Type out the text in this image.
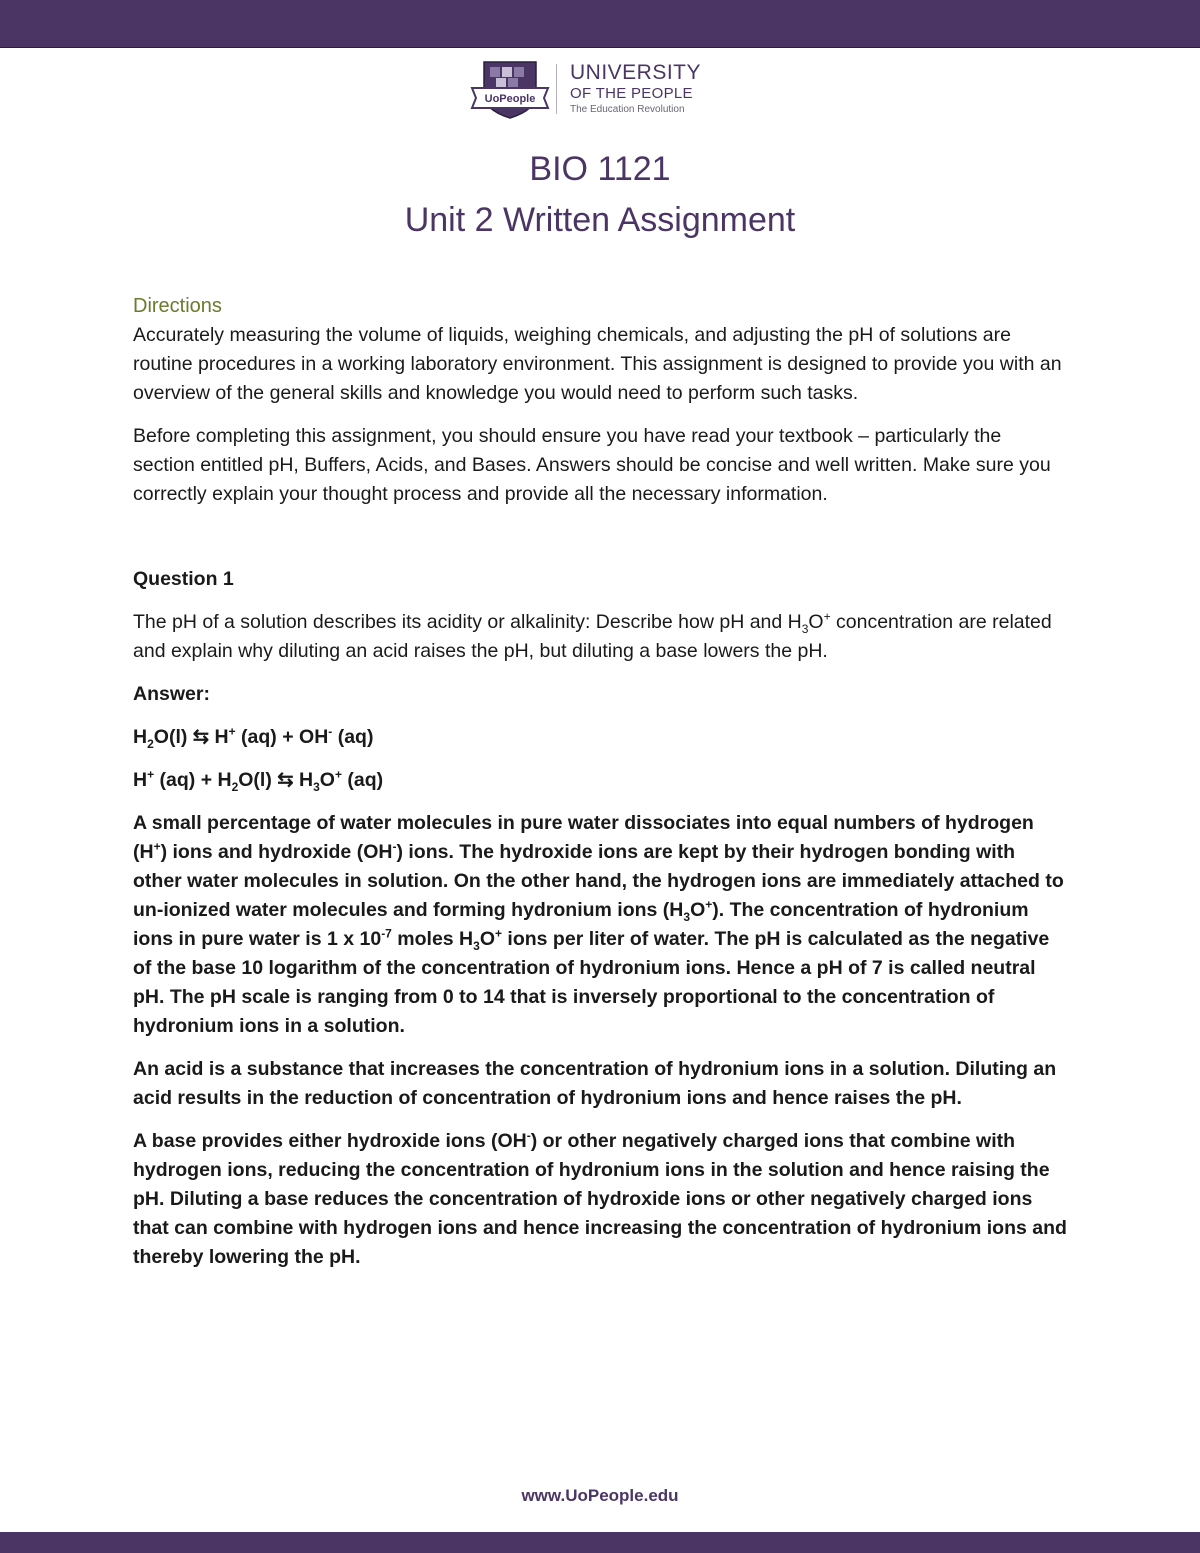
UoPeople
UNIVERSITY
OF THE PEOPLE
The Education Revolution
BIO 1121
Unit 2 Written Assignment
Directions

Accurately measuring the volume of liquids, weighing chemicals, and adjusting the pH of solutions are routine procedures in a working laboratory environment. This assignment is designed to provide you with an overview of the general skills and knowledge you would need to perform such tasks.

Before completing this assignment, you should ensure you have read your textbook – particularly the section entitled pH, Buffers, Acids, and Bases. Answers should be concise and well written. Make sure you correctly explain your thought process and provide all the necessary information.

Question 1

The pH of a solution describes its acidity or alkalinity: Describe how pH and $H_3O^+$ concentration are related and explain why diluting an acid raises the pH, but diluting a base lowers the pH.

Answer:

$H_2O(l)$ ⇆ H+ (aq) + OH- (aq)

H+ $(aq) + H_2O(l)$ ⇆ $H_3O^+$ (aq)

A small percentage of water molecules in pure water dissociates into equal numbers of hydrogen (H+) ions and hydroxide (OH-) ions. The hydroxide ions are kept by their hydrogen bonding with other water molecules in solution. On the other hand, the hydrogen ions are immediately attached to un-ionized water molecules and forming hydronium ions $(H_3O^+)$. The concentration of hydronium ions in pure water is 1 x $10^{-7}$ moles $H_3O^+$ ions per liter of water. The pH is calculated as the negative of the base 10 logarithm of the concentration of hydronium ions. Hence a pH of 7 is called neutral pH. The pH scale is ranging from 0 to 14 that is inversely proportional to the concentration of hydronium ions in a solution.

An acid is a substance that increases the concentration of hydronium ions in a solution. Diluting an acid results in the reduction of concentration of hydronium ions and hence raises the pH.

A base provides either hydroxide ions (OH-) or other negatively charged ions that combine with hydrogen ions, reducing the concentration of hydronium ions in the solution and hence raising the pH. Diluting a base reduces the concentration of hydroxide ions or other negatively charged ions that can combine with hydrogen ions and hence increasing the concentration of hydronium ions and thereby lowering the pH.

www.UoPeople.edu
